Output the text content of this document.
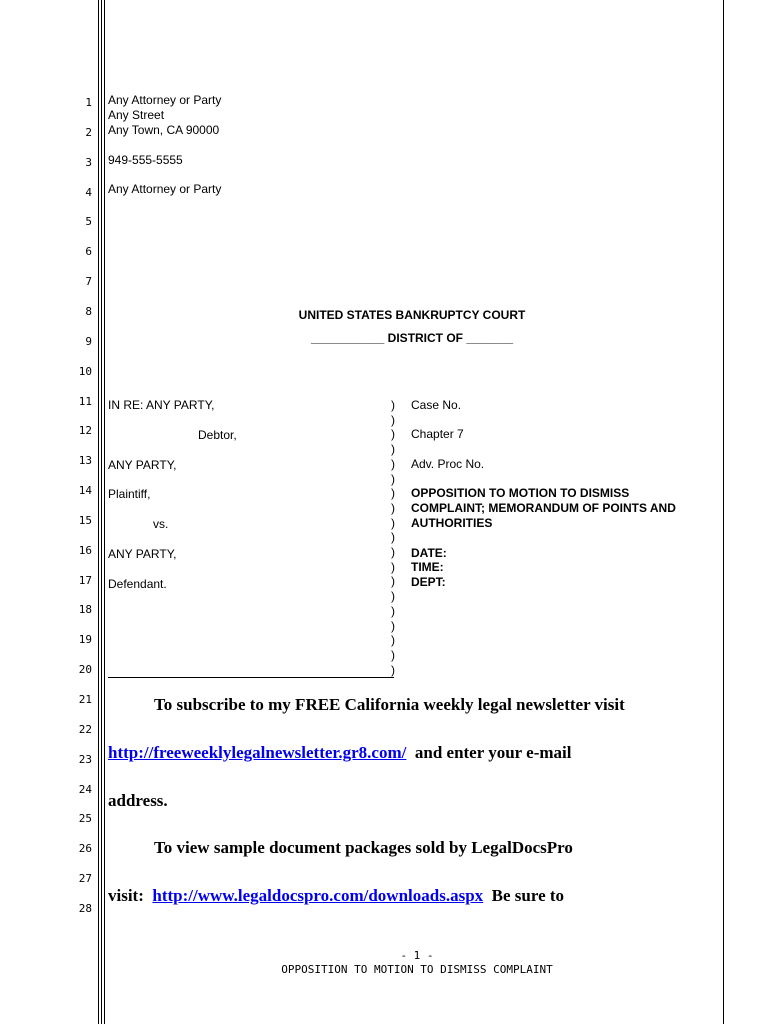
1
2
3
4
5
6
7
8
9
10
11
12
13
14
15
16
17
18
19
20
21
22
23
24
25
26
27
28
Any Attorney or Party
Any Street
Any Town, CA 90000
949-555-5555
Any Attorney or Party
UNITED STATES BANKRUPTCY COURT
___________ DISTRICT OF _______
IN RE: ANY PARTY,
Debtor,
ANY PARTY,
Plaintiff,
vs.
ANY PARTY,
Defendant.
)
)
)
)
)
)
)
)
)
)
)
)
)
)
)
)
)
)
)
Case No.
Chapter 7
Adv. Proc No.
OPPOSITION TO MOTION TO DISMISS
COMPLAINT; MEMORANDUM OF POINTS AND
AUTHORITIES
DATE:
TIME:
DEPT:
To subscribe to my FREE California weekly legal newsletter visit
http://freeweeklylegalnewsletter.gr8.com/ and enter your e-mail
address.
To view sample document packages sold by LegalDocsPro
visit: http://www.legaldocspro.com/downloads.aspx Be sure to
- 1 -
OPPOSITION TO MOTION TO DISMISS COMPLAINT
